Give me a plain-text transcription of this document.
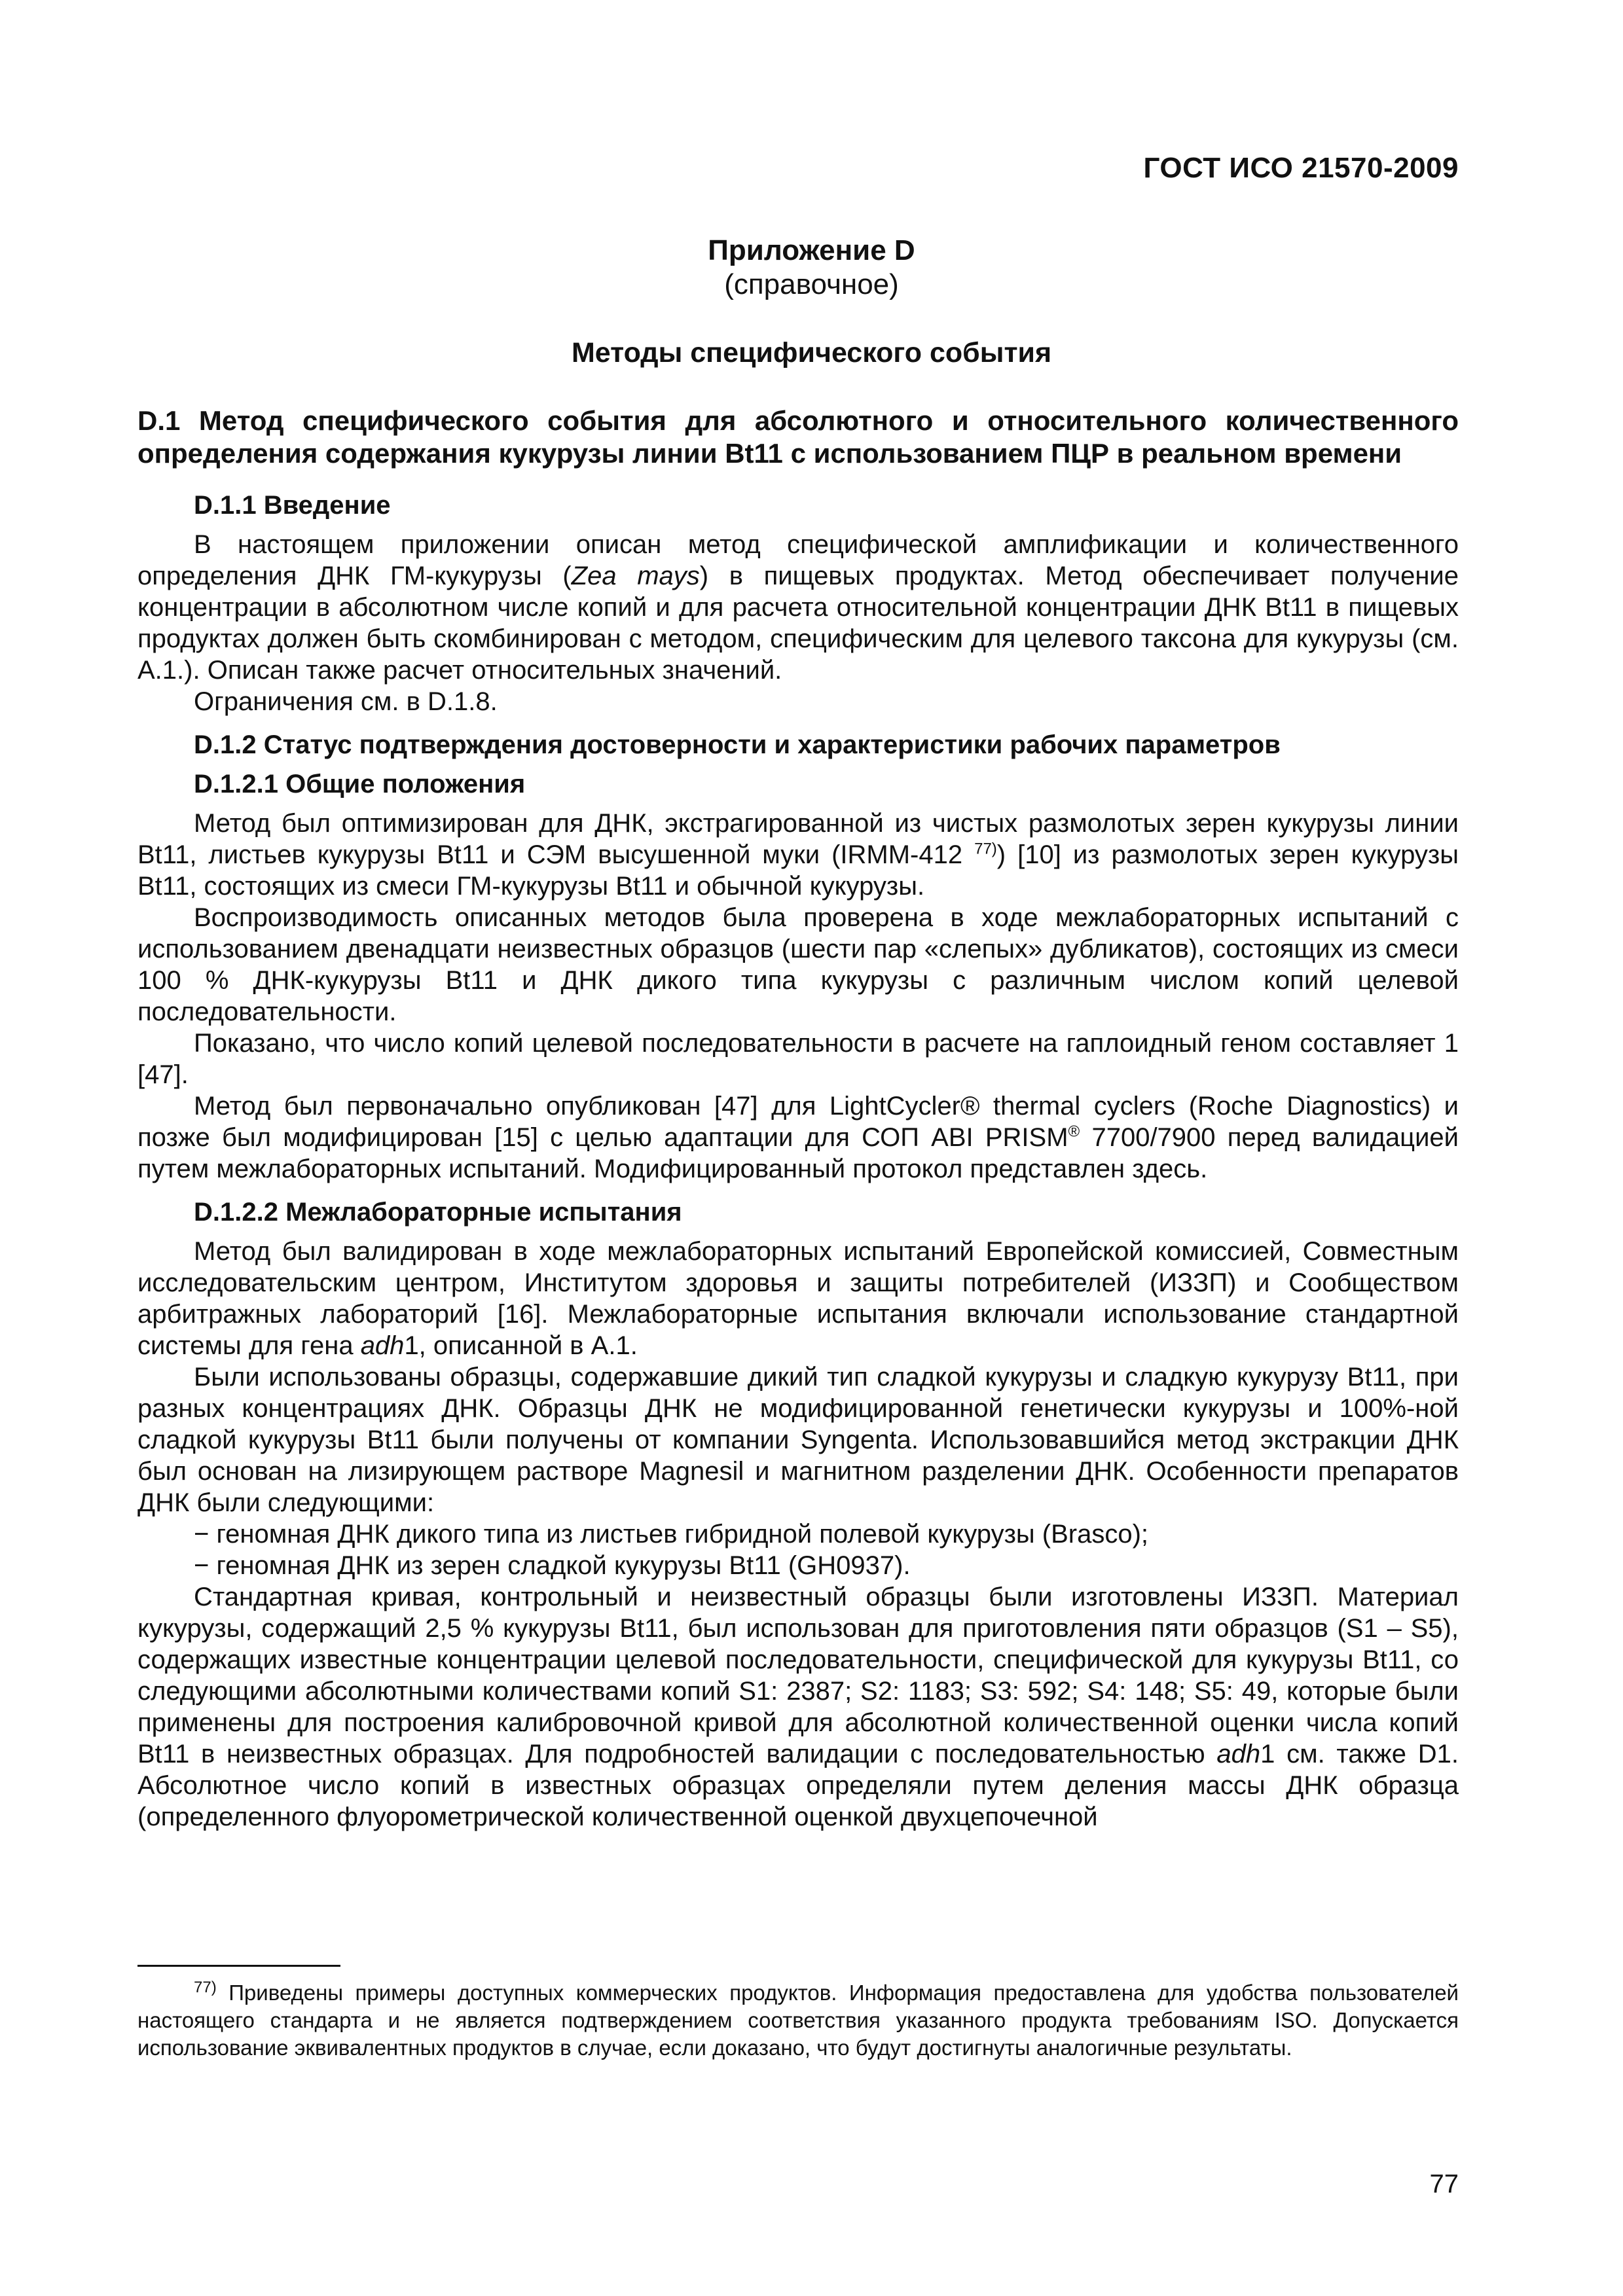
ГОСТ ИСО 21570-2009
Приложение D
(справочное)
Методы специфического события

D.1 Метод специфического события для абсолютного и относительного количественного определения содержания кукурузы линии Bt11 с использованием ПЦР в реальном времени

D.1.1 Введение

В настоящем приложении описан метод специфической амплификации и количественного определения ДНК ГМ-кукурузы (Zea mays) в пищевых продуктах. Метод обеспечивает получение концентрации в абсолютном числе копий и для расчета относительной концентрации ДНК Bt11 в пищевых продуктах должен быть скомбинирован с методом, специфическим для целевого таксона для кукурузы (см. A.1.). Описан также расчет относительных значений.

Ограничения см. в D.1.8.

D.1.2 Статус подтверждения достоверности и характеристики рабочих параметров

D.1.2.1 Общие положения

Метод был оптимизирован для ДНК, экстрагированной из чистых размолотых зерен кукурузы линии Bt11, листьев кукурузы Bt11 и СЭМ высушенной муки (IRMM-412 $^{77)}$) [10] из размолотых зерен кукурузы Bt11, состоящих из смеси ГМ-кукурузы Bt11 и обычной кукурузы.

Воспроизводимость описанных методов была проверена в ходе межлабораторных испытаний с использованием двенадцати неизвестных образцов (шести пар «слепых» дубликатов), состоящих из смеси 100 % ДНК-кукурузы Bt11 и ДНК дикого типа кукурузы с различным числом копий целевой последовательности.

Показано, что число копий целевой последовательности в расчете на гаплоидный геном составляет 1 [47].

Метод был первоначально опубликован [47] для LightCycler® thermal cyclers (Roche Diagnostics) и позже был модифицирован [15] с целью адаптации для СОП ABI PRISM® 7700/7900 перед валидацией путем межлабораторных испытаний. Модифицированный протокол представлен здесь.

D.1.2.2 Межлабораторные испытания

Метод был валидирован в ходе межлабораторных испытаний Европейской комиссией, Совместным исследовательским центром, Институтом здоровья и защиты потребителей (ИЗЗП) и Сообществом арбитражных лабораторий [16]. Межлабораторные испытания включали использование стандартной системы для гена adh1, описанной в A.1.

Были использованы образцы, содержавшие дикий тип сладкой кукурузы и сладкую кукурузу Bt11, при разных концентрациях ДНК. Образцы ДНК не модифицированной генетически кукурузы и 100%-ной сладкой кукурузы Bt11 были получены от компании Syngenta. Использовавшийся метод экстракции ДНК был основан на лизирующем растворе Magnesil и магнитном разделении ДНК. Особенности препаратов ДНК были следующими:

− геномная ДНК дикого типа из листьев гибридной полевой кукурузы (Brasco);

− геномная ДНК из зерен сладкой кукурузы Bt11 (GH0937).

Стандартная кривая, контрольный и неизвестный образцы были изготовлены ИЗЗП. Материал кукурузы, содержащий 2,5 % кукурузы Bt11, был использован для приготовления пяти образцов (S1 – S5), содержащих известные концентрации целевой последовательности, специфической для кукурузы Bt11, со следующими абсолютными количествами копий S1: 2387; S2: 1183; S3: 592; S4: 148; S5: 49, которые были применены для построения калибровочной кривой для абсолютной количественной оценки числа копий Bt11 в неизвестных образцах. Для подробностей валидации с последовательностью adh1 см. также D1. Абсолютное число копий в известных образцах определяли путем деления массы ДНК образца (определенного флуорометрической количественной оценкой двухцепочечной

$^{77)}$ Приведены примеры доступных коммерческих продуктов. Информация предоставлена для удобства пользователей настоящего стандарта и не является подтверждением соответствия указанного продукта требованиям ISO. Допускается использование эквивалентных продуктов в случае, если доказано, что будут достигнуты аналогичные результаты.
77
